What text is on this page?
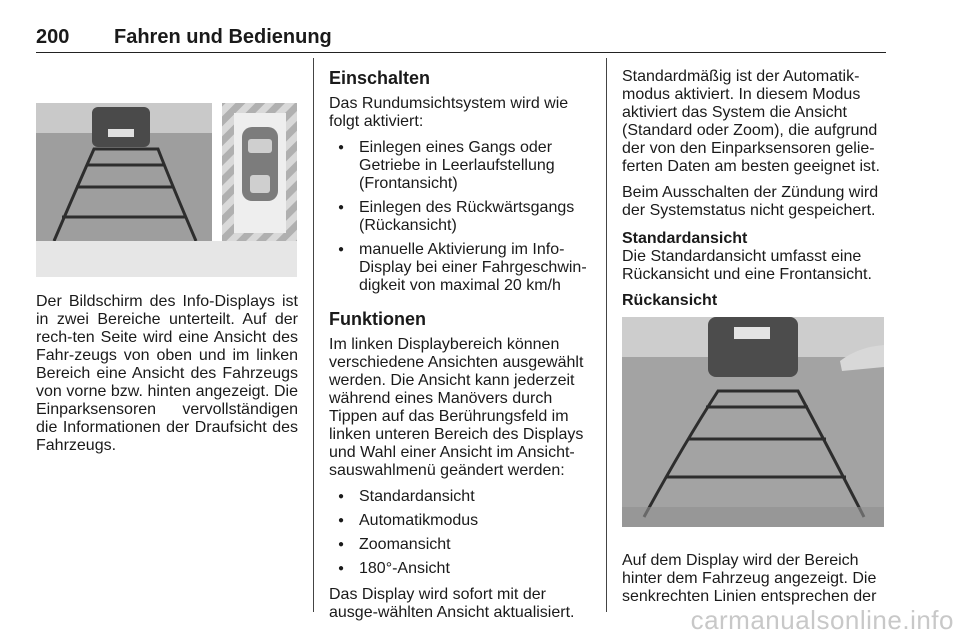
200 Fahren und Bedienung

Der Bildschirm des Info-Displays ist in zwei Bereiche unterteilt. Auf der rech-ten Seite wird eine Ansicht des Fahr-zeugs von oben und im linken Bereich eine Ansicht des Fahrzeugs von vorne bzw. hinten angezeigt. Die Einparksensoren vervollständigen die Informationen der Draufsicht des Fahrzeugs.

Einschalten

Das Rundumsichtsystem wird wie folgt aktiviert:

● Einlegen eines Gangs oder Getriebe in Leerlaufstellung (Frontansicht)
● Einlegen des Rückwärtsgangs (Rückansicht)
● manuelle Aktivierung im Info-Display bei einer Fahrgeschwin-digkeit von maximal 20 km/h
Funktionen

Im linken Displaybereich können verschiedene Ansichten ausgewählt werden. Die Ansicht kann jederzeit während eines Manövers durch Tippen auf das Berührungsfeld im linken unteren Bereich des Displays und Wahl einer Ansicht im Ansicht-sauswahlmenü geändert werden:

● Standardansicht
● Automatikmodus
● Zoomansicht
● 180°-Ansicht

Das Display wird sofort mit der ausge-wählten Ansicht aktualisiert.

Standardmäßig ist der Automatik-modus aktiviert. In diesem Modus aktiviert das System die Ansicht (Standard oder Zoom), die aufgrund der von den Einparksensoren gelie-ferten Daten am besten geeignet ist.

Beim Ausschalten der Zündung wird der Systemstatus nicht gespeichert.

Standardansicht

Die Standardansicht umfasst eine Rückansicht und eine Frontansicht.

Rückansicht

Auf dem Display wird der Bereich hinter dem Fahrzeug angezeigt. Die senkrechten Linien entsprechen der

carmanualsonline.info
